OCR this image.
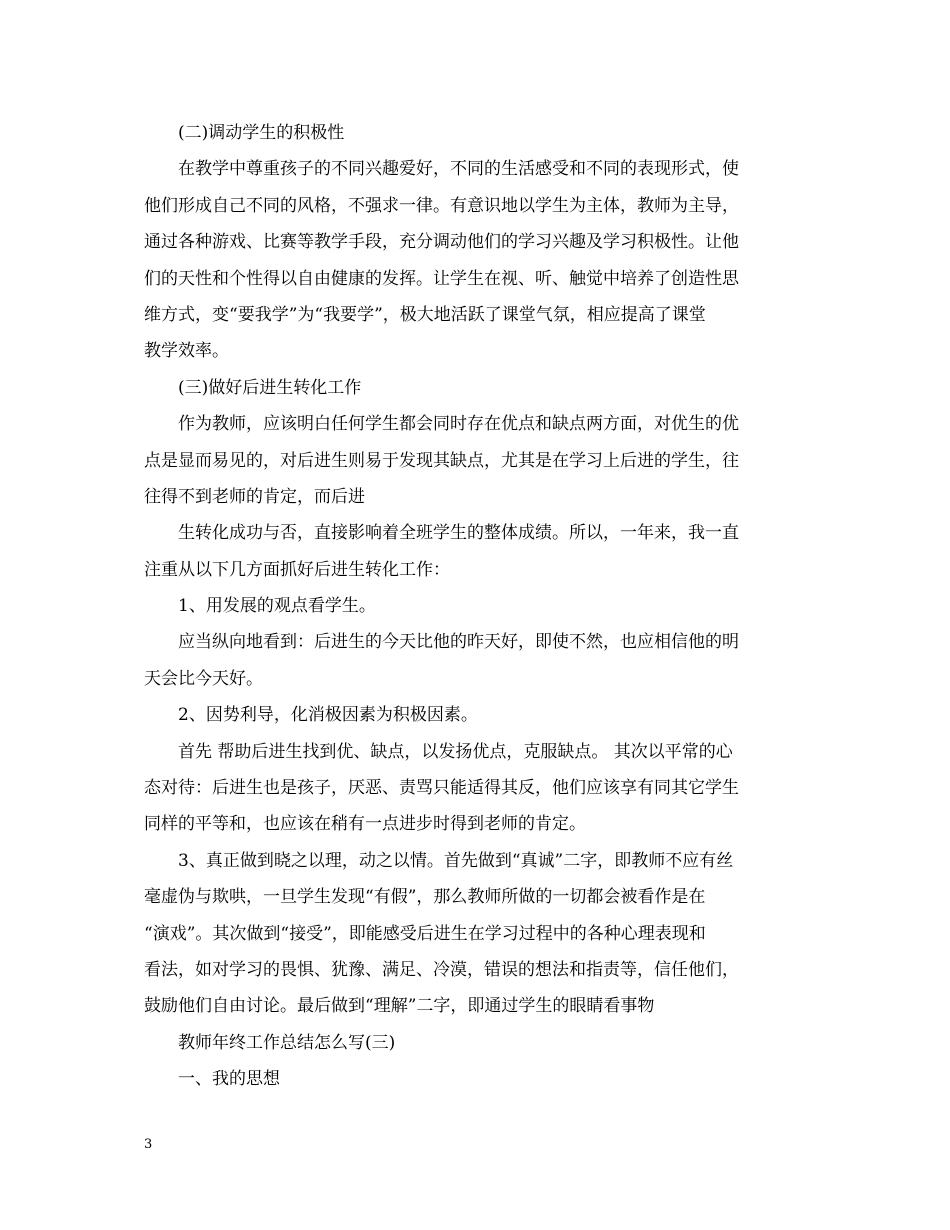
(二)调动学生的积极性
在教学中尊重孩子的不同兴趣爱好，不同的生活感受和不同的表现形式，使
他们形成自己不同的风格，不强求一律。有意识地以学生为主体，教师为主导，
通过各种游戏、比赛等教学手段，充分调动他们的学习兴趣及学习积极性。让他
们的天性和个性得以自由健康的发挥。让学生在视、听、触觉中培养了创造性思
维方式，变“要我学”为“我要学”，极大地活跃了课堂气氛，相应提高了课堂
教学效率。
(三)做好后进生转化工作
作为教师，应该明白任何学生都会同时存在优点和缺点两方面，对优生的优
点是显而易见的，对后进生则易于发现其缺点，尤其是在学习上后进的学生，往
往得不到老师的肯定，而后进
生转化成功与否，直接影响着全班学生的整体成绩。所以，一年来，我一直
注重从以下几方面抓好后进生转化工作：
1、用发展的观点看学生。
应当纵向地看到：后进生的今天比他的昨天好，即使不然，也应相信他的明
天会比今天好。
2、因势利导，化消极因素为积极因素。
首先 帮助后进生找到优、缺点，以发扬优点，克服缺点。 其次以平常的心
态对待：后进生也是孩子，厌恶、责骂只能适得其反，他们应该享有同其它学生
同样的平等和，也应该在稍有一点进步时得到老师的肯定。
3、真正做到晓之以理，动之以情。首先做到“真诚”二字，即教师不应有丝
毫虚伪与欺哄，一旦学生发现“有假”，那么教师所做的一切都会被看作是在
“演戏”。其次做到“接受”，即能感受后进生在学习过程中的各种心理表现和
看法，如对学习的畏惧、犹豫、满足、冷漠，错误的想法和指责等，信任他们，
鼓励他们自由讨论。最后做到“理解”二字，即通过学生的眼睛看事物
教师年终工作总结怎么写(三)
一、我的思想
3
